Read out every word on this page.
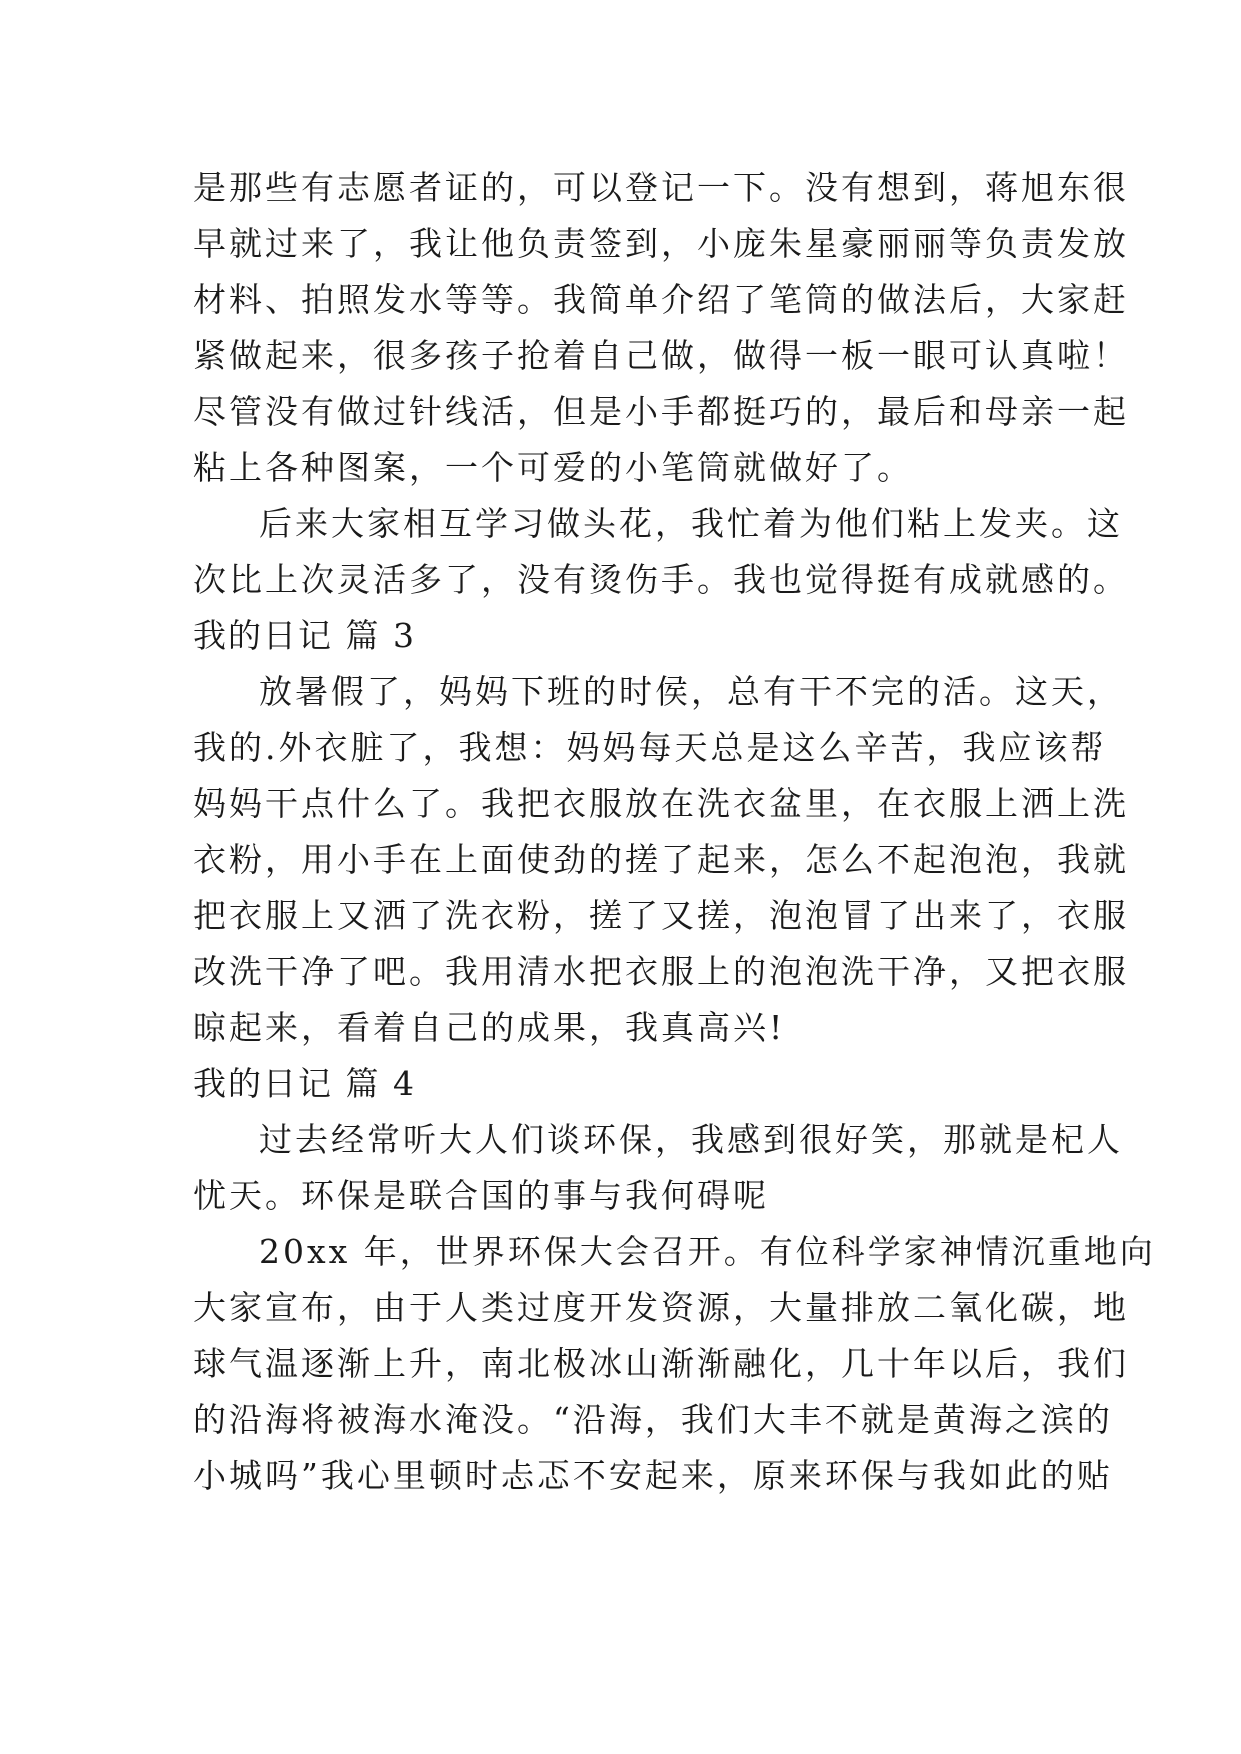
是那些有志愿者证的，可以登记一下。没有想到，蒋旭东很
早就过来了，我让他负责签到，小庞朱星豪丽丽等负责发放
材料、拍照发水等等。我简单介绍了笔筒的做法后，大家赶
紧做起来，很多孩子抢着自己做，做得一板一眼可认真啦！
尽管没有做过针线活，但是小手都挺巧的，最后和母亲一起
粘上各种图案，一个可爱的小笔筒就做好了。
后来大家相互学习做头花，我忙着为他们粘上发夹。这
次比上次灵活多了，没有烫伤手。我也觉得挺有成就感的。
我的日记 篇 3
放暑假了，妈妈下班的时侯，总有干不完的活。这天，
我的.外衣脏了，我想：妈妈每天总是这么辛苦，我应该帮
妈妈干点什么了。我把衣服放在洗衣盆里，在衣服上洒上洗
衣粉，用小手在上面使劲的搓了起来，怎么不起泡泡，我就
把衣服上又洒了洗衣粉，搓了又搓，泡泡冒了出来了，衣服
改洗干净了吧。我用清水把衣服上的泡泡洗干净，又把衣服
晾起来，看着自己的成果，我真高兴!
我的日记 篇 4
过去经常听大人们谈环保，我感到很好笑，那就是杞人
忧天。环保是联合国的事与我何碍呢
20xx 年，世界环保大会召开。有位科学家神情沉重地向
大家宣布，由于人类过度开发资源，大量排放二氧化碳，地
球气温逐渐上升，南北极冰山渐渐融化，几十年以后，我们
的沿海将被海水淹没。“沿海，我们大丰不就是黄海之滨的
小城吗”我心里顿时忐忑不安起来，原来环保与我如此的贴
